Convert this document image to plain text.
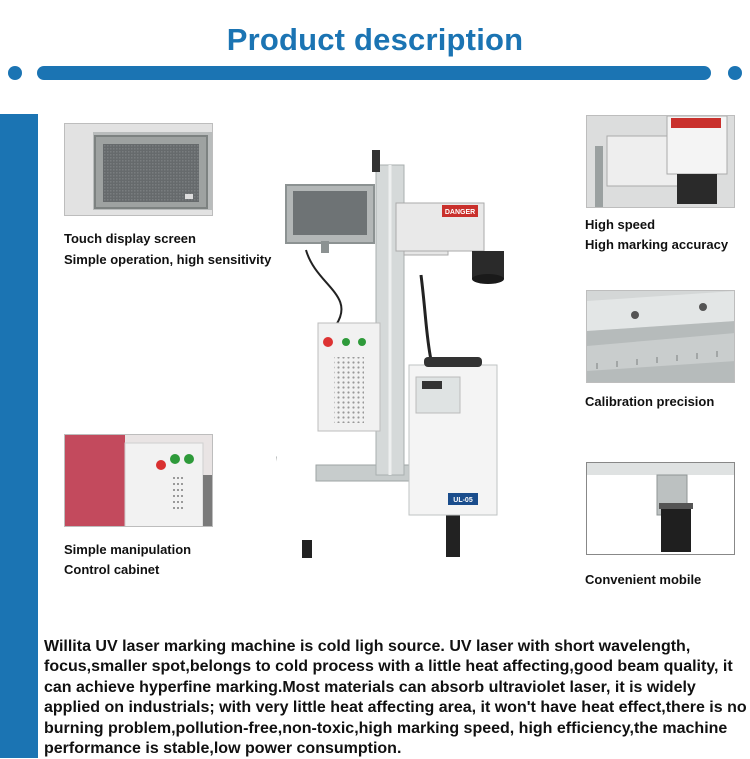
Product description
Touch display screen
Simple operation, high sensitivity
Simple manipulation
Control cabinet
DANGER
UL-05
High speed
High marking accuracy
Calibration precision
Convenient mobile
Willita UV laser marking machine is cold ligh source. UV laser with short wavelength, focus,smaller spot,belongs to cold process with a little heat affecting,good beam quality, it can achieve hyperfine marking.Most materials can absorb ultraviolet laser, it is widely applied on industrials; with very little heat affecting area, it won't have heat effect,there is no burning problem,pollution-free,non-toxic,high marking speed, high efficiency,the machine performance is stable,low power consumption.
